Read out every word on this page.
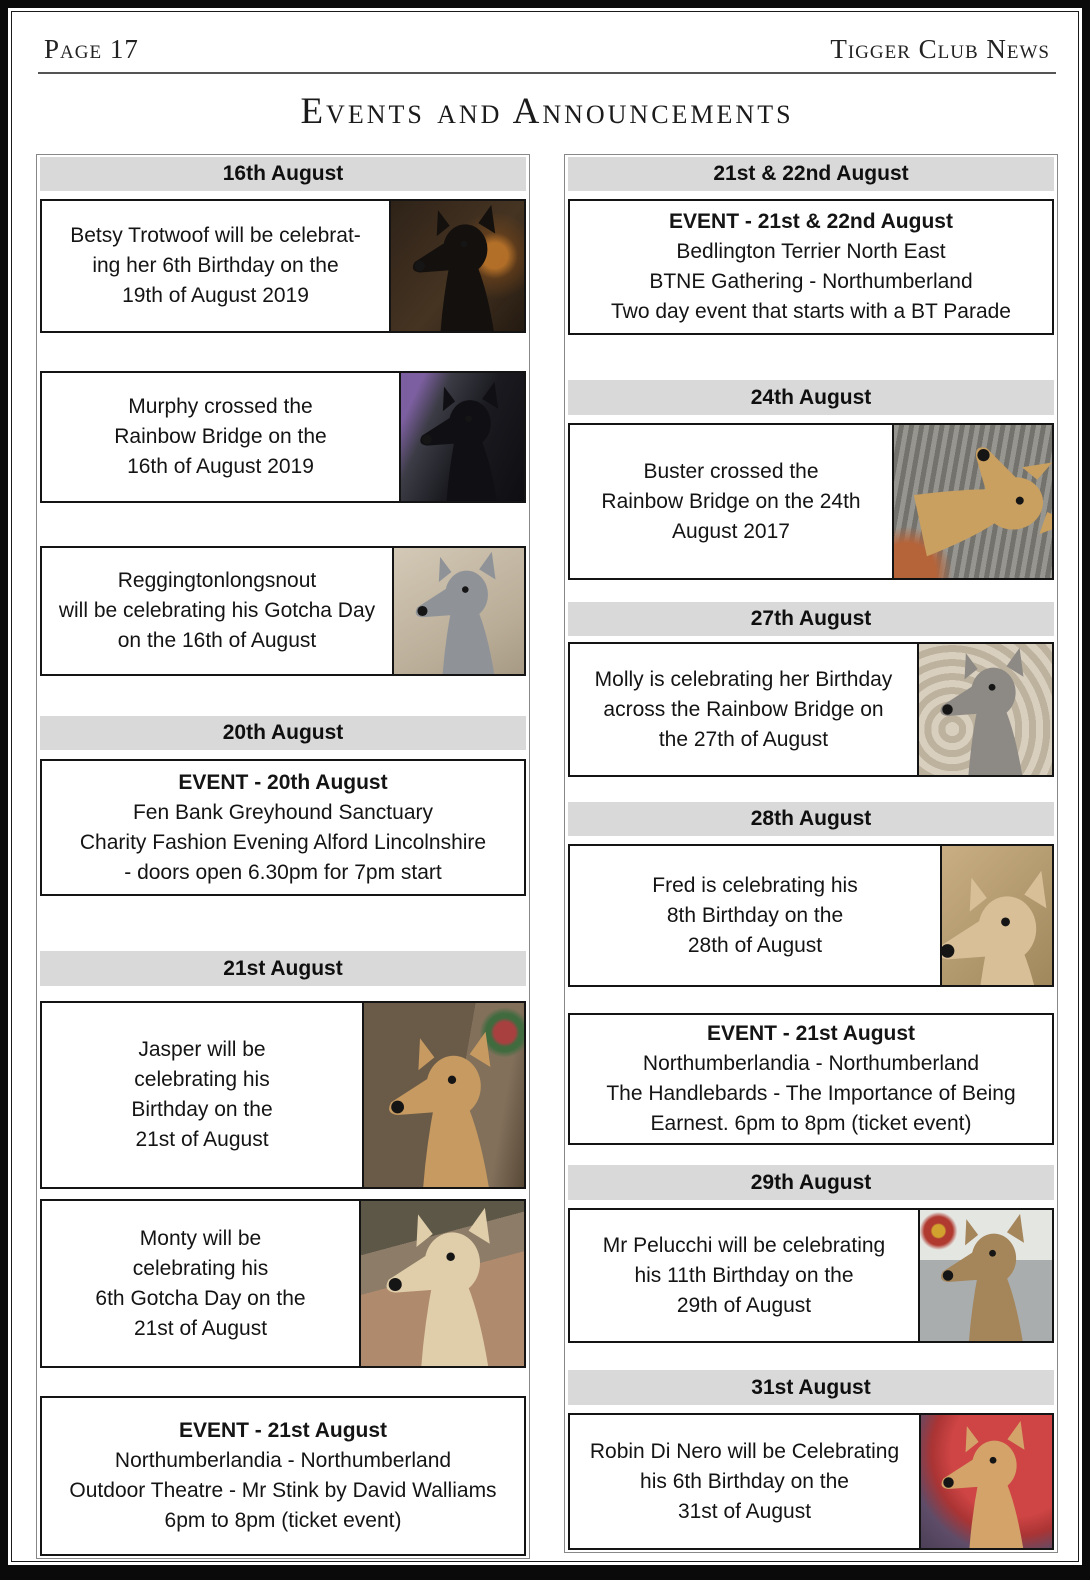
Page 17	Tigger Club News
Events and Announcements
16th August
Betsy Trotwoof will be celebrat-
ing her 6th Birthday on the
19th of August 2019
Murphy crossed the
Rainbow Bridge on the
16th of August 2019
Reggingtonlongsnout
will be celebrating his Gotcha Day
on the 16th of August
20th August
EVENT - 20th August
Fen Bank Greyhound Sanctuary
Charity Fashion Evening Alford Lincolnshire
- doors open 6.30pm for 7pm start
21st August
Jasper will be
celebrating his
Birthday on the
21st of August
Monty will be
celebrating his
6th Gotcha Day on the
21st of August
EVENT - 21st August
Northumberlandia - Northumberland
Outdoor Theatre - Mr Stink by David Walliams
6pm to 8pm (ticket event)
21st & 22nd August
EVENT - 21st & 22nd August
Bedlington Terrier North East
BTNE Gathering - Northumberland
Two day event that starts with a BT Parade
24th August
Buster crossed the
Rainbow Bridge on the 24th
August 2017
27th August
Molly is celebrating her Birthday
across the Rainbow Bridge on
the 27th of August
28th August
Fred is celebrating his
8th Birthday on the
28th of August
EVENT - 21st August
Northumberlandia - Northumberland
The Handlebards - The Importance of Being
Earnest. 6pm to 8pm (ticket event)
29th August
Mr Pelucchi will be celebrating
his 11th Birthday on the
29th of August
31st August
Robin Di Nero will be Celebrating
his 6th Birthday on the
31st of August
